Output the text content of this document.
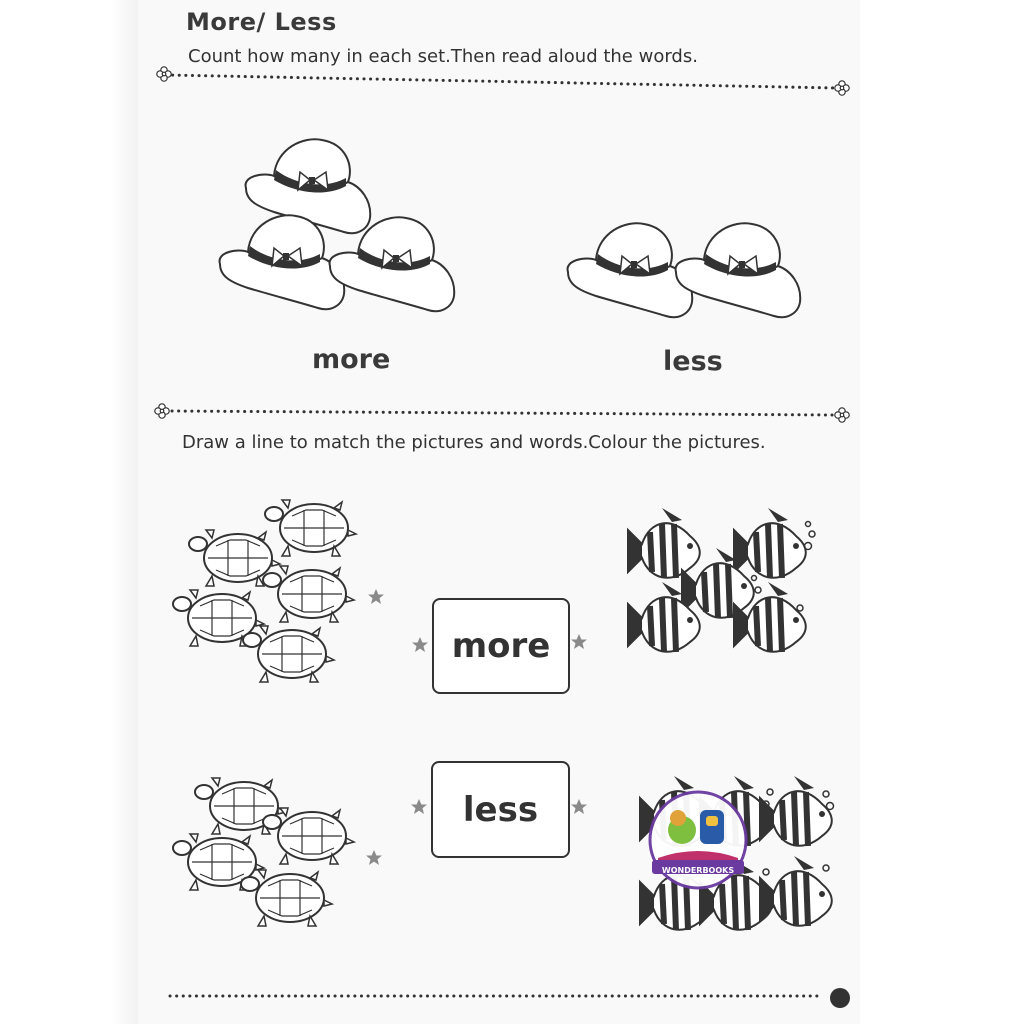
More/ Less
Count how many in each set.Then read aloud the words.
more	less
Draw a line to match the pictures and words.Colour the pictures.
more
less
WONDERBOOKS
